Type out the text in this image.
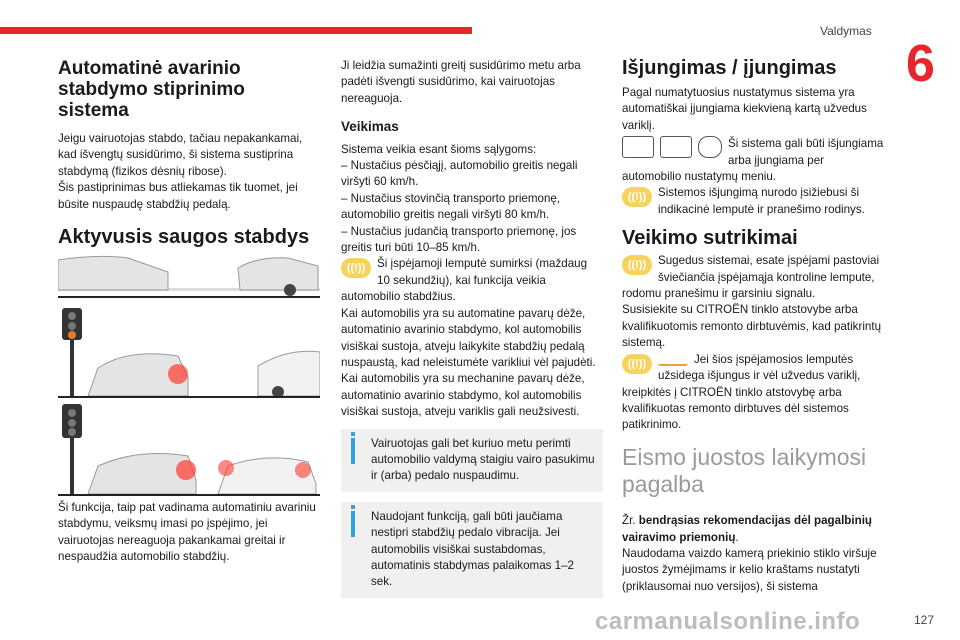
Valdymas
6
Automatinė avarinio stabdymo stiprinimo sistema

Jeigu vairuotojas stabdo, tačiau nepakankamai, kad išvengtų susidūrimo, ši sistema sustiprina stabdymą (fizikos dėsnių ribose).

Šis pastiprinimas bus atliekamas tik tuomet, jei būsite nuspaudę stabdžių pedalą.

Aktyvusis saugos stabdys

Ši funkcija, taip pat vadinama automatiniu avariniu stabdymu, veiksmų imasi po įspėjimo, jei vairuotojas nereaguoja pakankamai greitai ir nespaudžia automobilio stabdžių.

Ji leidžia sumažinti greitį susidūrimo metu arba padėti išvengti susidūrimo, kai vairuotojas nereaguoja.

Veikimas

Sistema veikia esant šioms sąlygoms:

– Nustačius pėsčiąjį, automobilio greitis negali viršyti 60 km/h.

– Nustačius stovinčią transporto priemonę, automobilio greitis negali viršyti 80 km/h.

– Nustačius judančią transporto priemonę, jos greitis turi būti 10–85 km/h.

((!))	Ši įspėjamoji lemputė sumirksi (maždaug 10 sekundžių), kai funkcija veikia automobilio stabdžius.

Kai automobilis yra su automatine pavarų dėže, automatinio avarinio stabdymo, kol automobilis visiškai sustoja, atveju laikykite stabdžių pedalą nuspaustą, kad neleistumėte varikliui vėl pajudėti.

Kai automobilis yra su mechanine pavarų dėže, automatinio avarinio stabdymo, kol automobilis visiškai sustoja, atveju variklis gali neužsivesti.

Vairuotojas gali bet kuriuo metu perimti automobilio valdymą staigiu vairo pasukimu ir (arba) pedalo nuspaudimu.
Naudojant funkciją, gali būti jaučiama nestipri stabdžių pedalo vibracija. Jei automobilis visiškai sustabdomas, automatinis stabdymas palaikomas 1–2 sek.
Išjungimas / įjungimas

Pagal numatytuosius nustatymus sistema yra automatiškai įjungiama kiekvieną kartą užvedus variklį.

Ši sistema gali būti išjungiama arba įjungiama per automobilio nustatymų meniu.

((!))	Sistemos išjungimą nurodo įsižiebusi ši indikacinė lemputė ir pranešimo rodinys.

Veikimo sutrikimai

((!))	Sugedus sistemai, esate įspėjami pastoviai šviečiančia įspėjamąja kontroline lempute, rodomu pranešimu ir garsiniu signalu.

Susisiekite su CITROËN tinklo atstovybe arba kvalifikuotomis remonto dirbtuvėmis, kad patikrintų sistemą.

((!))	Jei šios įspėjamosios lemputės užsidega išjungus ir vėl užvedus variklį, kreipkitės į CITROËN tinklo atstovybę arba kvalifikuotas remonto dirbtuves dėl sistemos patikrinimo.

Eismo juostos laikymosi pagalba

Žr. bendrąsias rekomendacijas dėl pagalbinių vairavimo priemonių.

Naudodama vaizdo kamerą priekinio stiklo viršuje juostos žymėjimams ir kelio kraštams nustatyti (priklausomai nuo versijos), ši sistema

carmanualsonline.info	127
